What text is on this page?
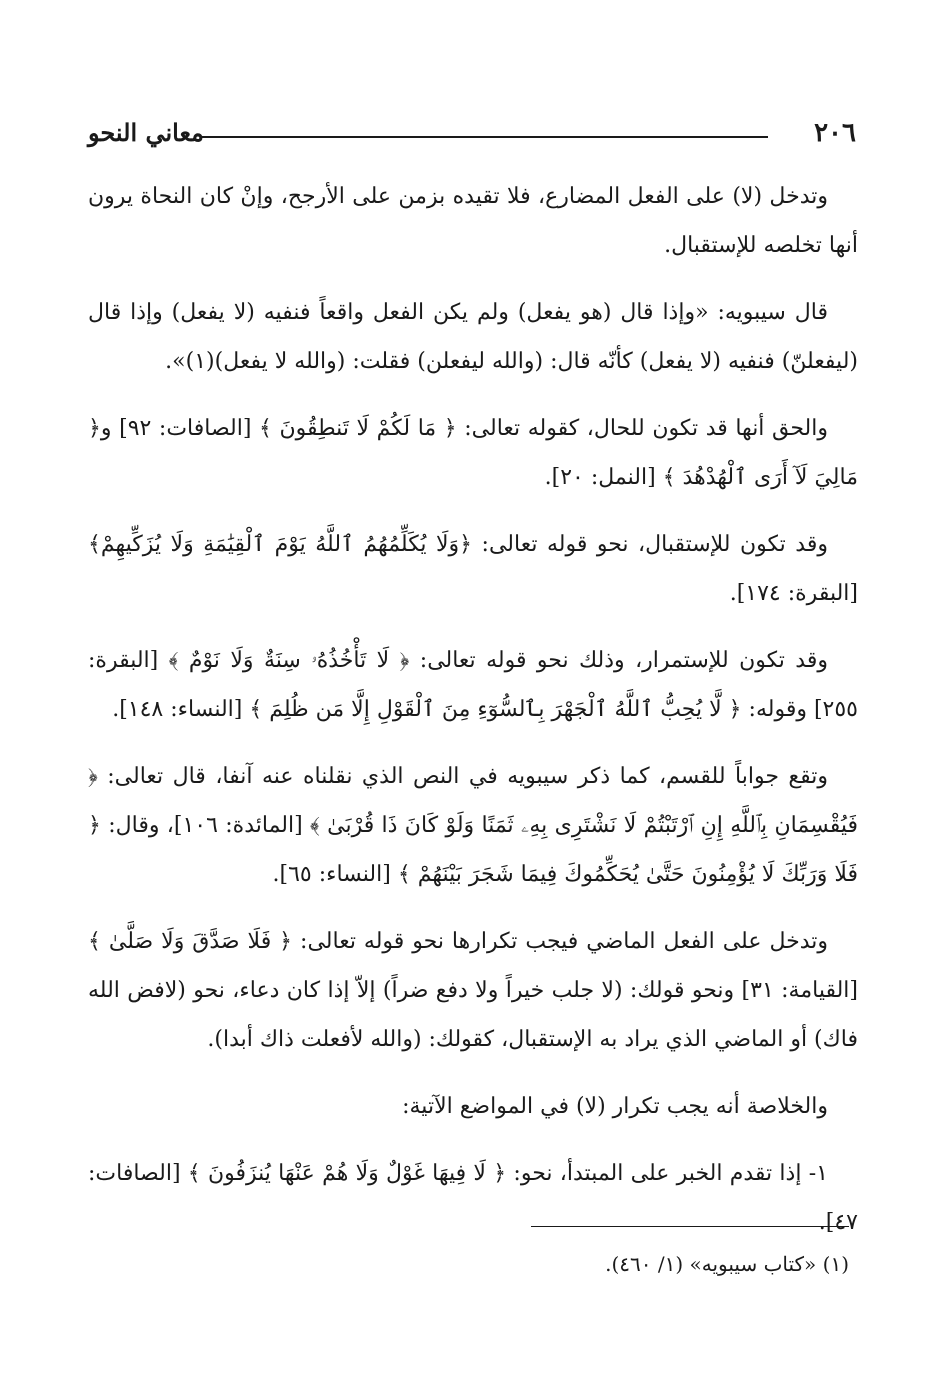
٢٠٦
معاني النحو

وتدخل (لا) على الفعل المضارع، فلا تقيده بزمن على الأرجح، وإنْ كان النحاة يرون أنها تخلصه للإستقبال.

قال سيبويه: «وإذا قال (هو يفعل) ولم يكن الفعل واقعاً فنفيه (لا يفعل) وإذا قال (ليفعلنّ) فنفيه (لا يفعل) كأنّه قال: (والله ليفعلن) فقلت: (والله لا يفعل)(١)».

والحق أنها قد تكون للحال، كقوله تعالى: ﴿ مَا لَكُمْ لَا تَنطِقُونَ ﴾ [الصافات: ٩٢] و﴿ مَالِيَ لَآ أَرَى ٱلْهُدْهُدَ ﴾ [النمل: ٢٠].

وقد تكون للإستقبال، نحو قوله تعالى: ﴿وَلَا يُكَلِّمُهُمُ ٱللَّهُ يَوْمَ ٱلْقِيَٰمَةِ وَلَا يُزَكِّيهِمْ﴾ [البقرة: ١٧٤].

وقد تكون للإستمرار، وذلك نحو قوله تعالى: ﴿ لَا تَأْخُذُهُۥ سِنَةٌ وَلَا نَوْمٌ ﴾ [البقرة: ٢٥٥] وقوله: ﴿ لَّا يُحِبُّ ٱللَّهُ ٱلْجَهْرَ بِٱلسُّوٓءِ مِنَ ٱلْقَوْلِ إِلَّا مَن ظُلِمَ ﴾ [النساء: ١٤٨].

وتقع جواباً للقسم، كما ذكر سيبويه في النص الذي نقلناه عنه آنفا، قال تعالى: ﴿ فَيُقْسِمَانِ بِٱللَّهِ إِنِ ٱرْتَبْتُمْ لَا نَشْتَرِى بِهِۦ ثَمَنًا وَلَوْ كَانَ ذَا قُرْبَىٰ ﴾ [المائدة: ١٠٦]، وقال: ﴿ فَلَا وَرَبِّكَ لَا يُؤْمِنُونَ حَتَّىٰ يُحَكِّمُوكَ فِيمَا شَجَرَ بَيْنَهُمْ ﴾ [النساء: ٦٥].

وتدخل على الفعل الماضي فيجب تكرارها نحو قوله تعالى: ﴿ فَلَا صَدَّقَ وَلَا صَلَّىٰ ﴾ [القيامة: ٣١] ونحو قولك: (لا جلب خيراً ولا دفع ضراً) إلاّ إذا كان دعاء، نحو (لافض الله فاك) أو الماضي الذي يراد به الإستقبال، كقولك: (والله لأفعلت ذاك أبدا).

والخلاصة أنه يجب تكرار (لا) في المواضع الآتية:

١- إذا تقدم الخبر على المبتدأ، نحو: ﴿ لَا فِيهَا غَوْلٌ وَلَا هُمْ عَنْهَا يُنزَفُونَ ﴾ [الصافات: ٤٧].

(١) «كتاب سيبويه» (١/ ٤٦٠).
